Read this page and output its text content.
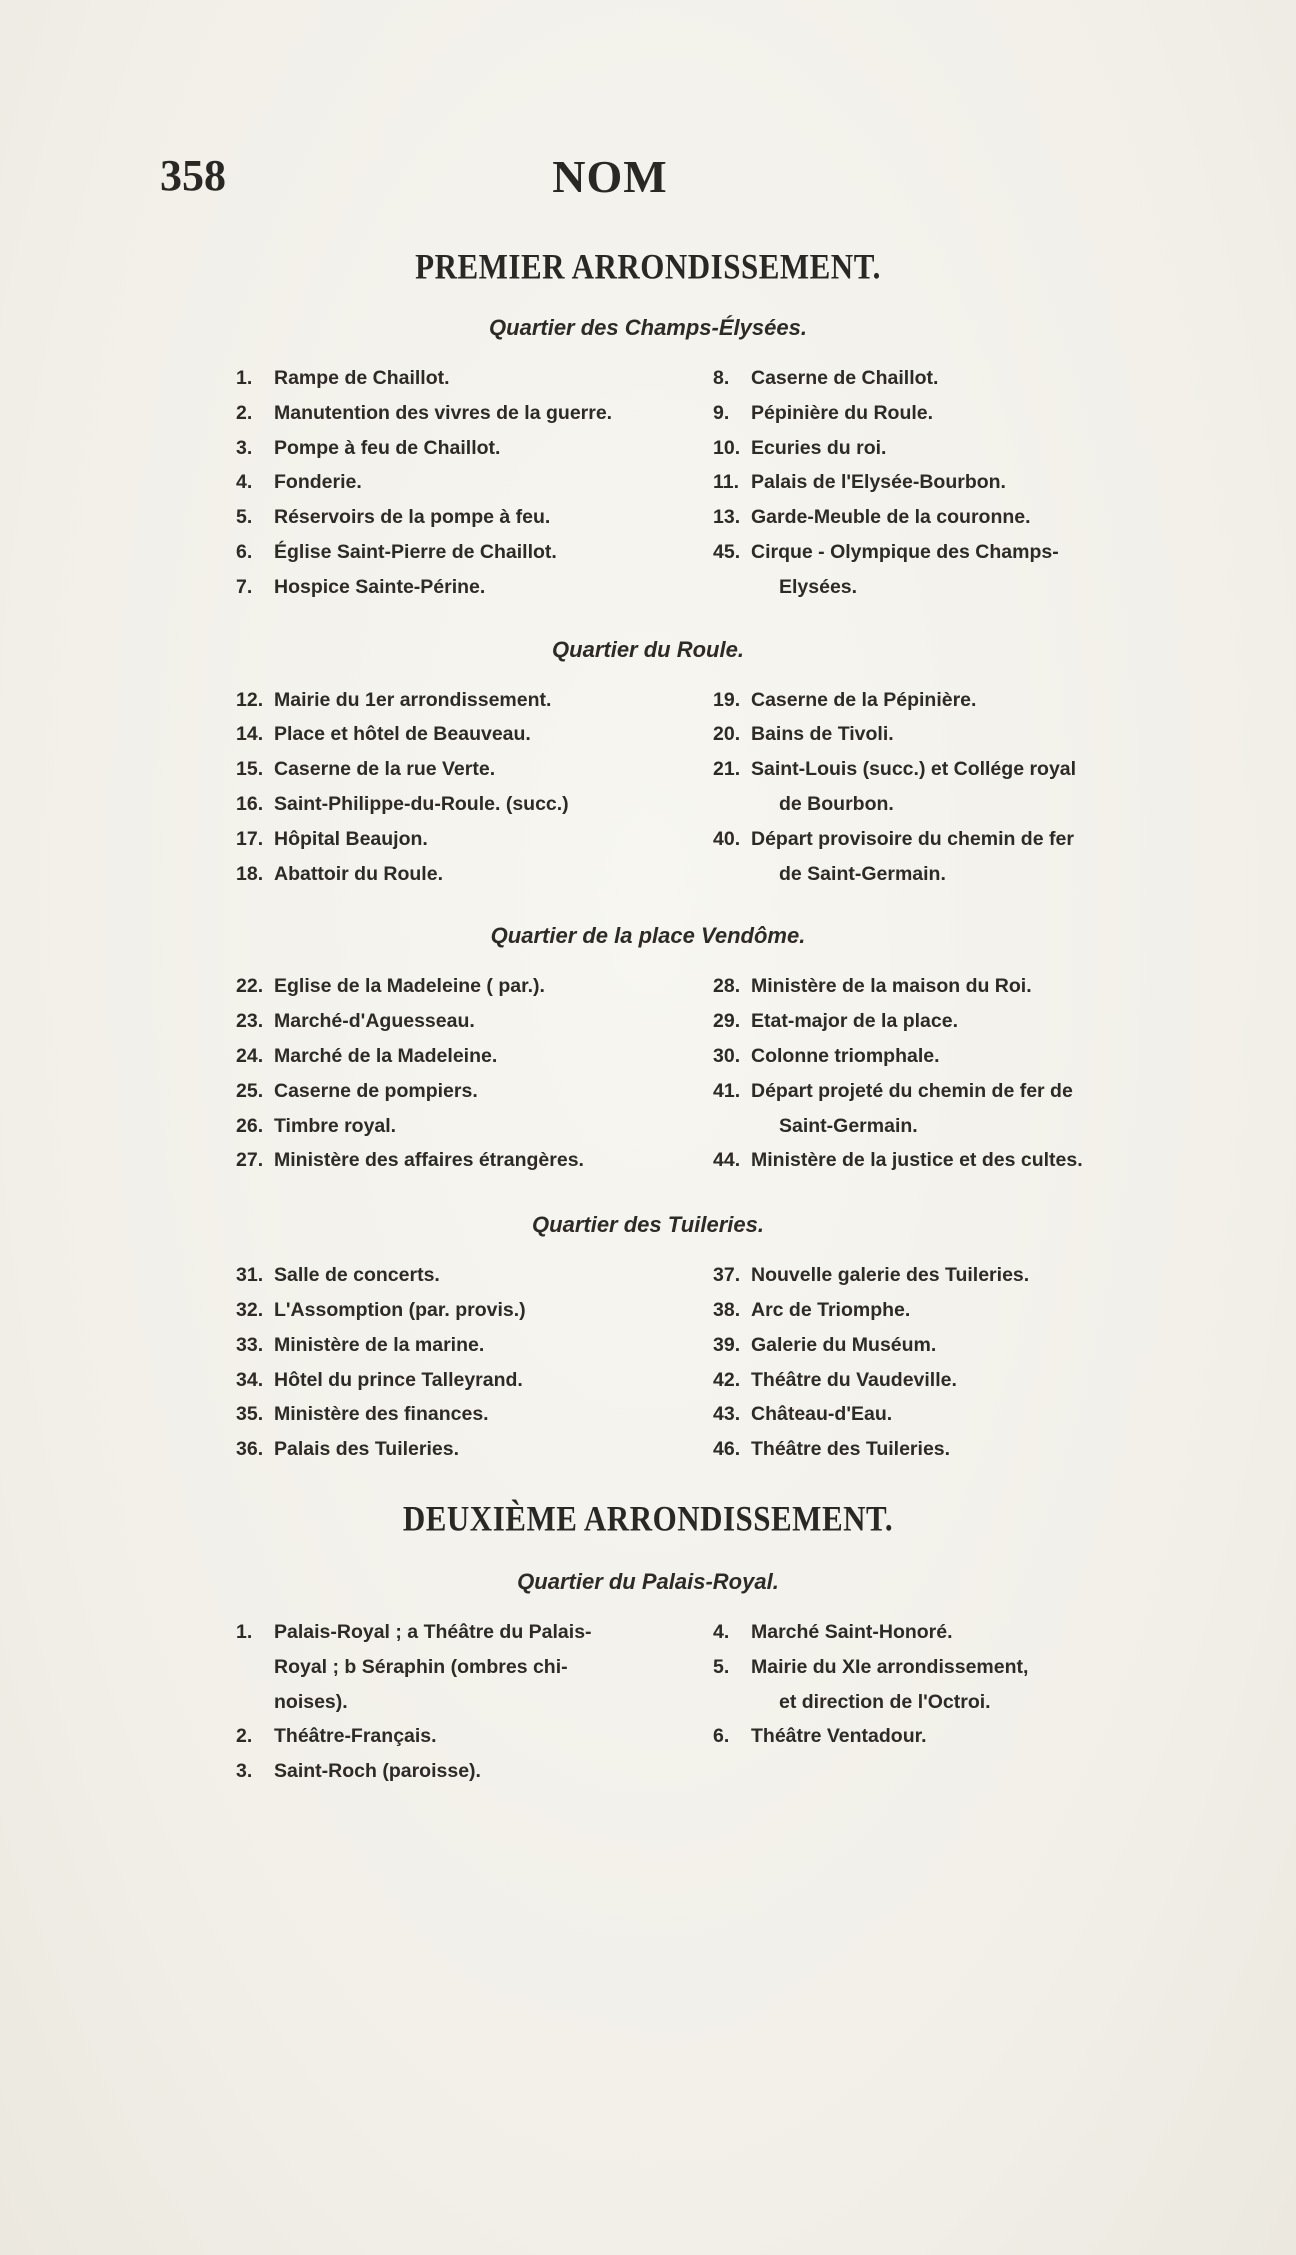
358	NOM
PREMIER ARRONDISSEMENT.
Quartier des Champs-Élysées.
1. Rampe de Chaillot.
2. Manutention des vivres de la guerre.
3. Pompe à feu de Chaillot.
4. Fonderie.
5. Réservoirs de la pompe à feu.
6. Église Saint-Pierre de Chaillot.
7. Hospice Sainte-Périne.
8. Caserne de Chaillot.
9. Pépinière du Roule.
10. Ecuries du roi.
11. Palais de l'Elysée-Bourbon.
13. Garde-Meuble de la couronne.
45. Cirque - Olympique des Champs-
Elysées.
Quartier du Roule.
12. Mairie du 1er arrondissement.
14. Place et hôtel de Beauveau.
15. Caserne de la rue Verte.
16. Saint-Philippe-du-Roule. (succ.)
17. Hôpital Beaujon.
18. Abattoir du Roule.
19. Caserne de la Pépinière.
20. Bains de Tivoli.
21. Saint-Louis (succ.) et Collége royal
de Bourbon.
40. Départ provisoire du chemin de fer
de Saint-Germain.
Quartier de la place Vendôme.
22. Eglise de la Madeleine ( par.).
23. Marché-d'Aguesseau.
24. Marché de la Madeleine.
25. Caserne de pompiers.
26. Timbre royal.
27. Ministère des affaires étrangères.
28. Ministère de la maison du Roi.
29. Etat-major de la place.
30. Colonne triomphale.
41. Départ projeté du chemin de fer de
Saint-Germain.
44. Ministère de la justice et des cultes.
Quartier des Tuileries.
31. Salle de concerts.
32. L'Assomption (par. provis.)
33. Ministère de la marine.
34. Hôtel du prince Talleyrand.
35. Ministère des finances.
36. Palais des Tuileries.
37. Nouvelle galerie des Tuileries.
38. Arc de Triomphe.
39. Galerie du Muséum.
42. Théâtre du Vaudeville.
43. Château-d'Eau.
46. Théâtre des Tuileries.
DEUXIÈME ARRONDISSEMENT.
Quartier du Palais-Royal.
1. Palais-Royal ; a Théâtre du Palais-
Royal ; b Séraphin (ombres chi-
noises).
2. Théâtre-Français.
3. Saint-Roch (paroisse).
4. Marché Saint-Honoré.
5. Mairie du XIe arrondissement,
et direction de l'Octroi.
6. Théâtre Ventadour.
